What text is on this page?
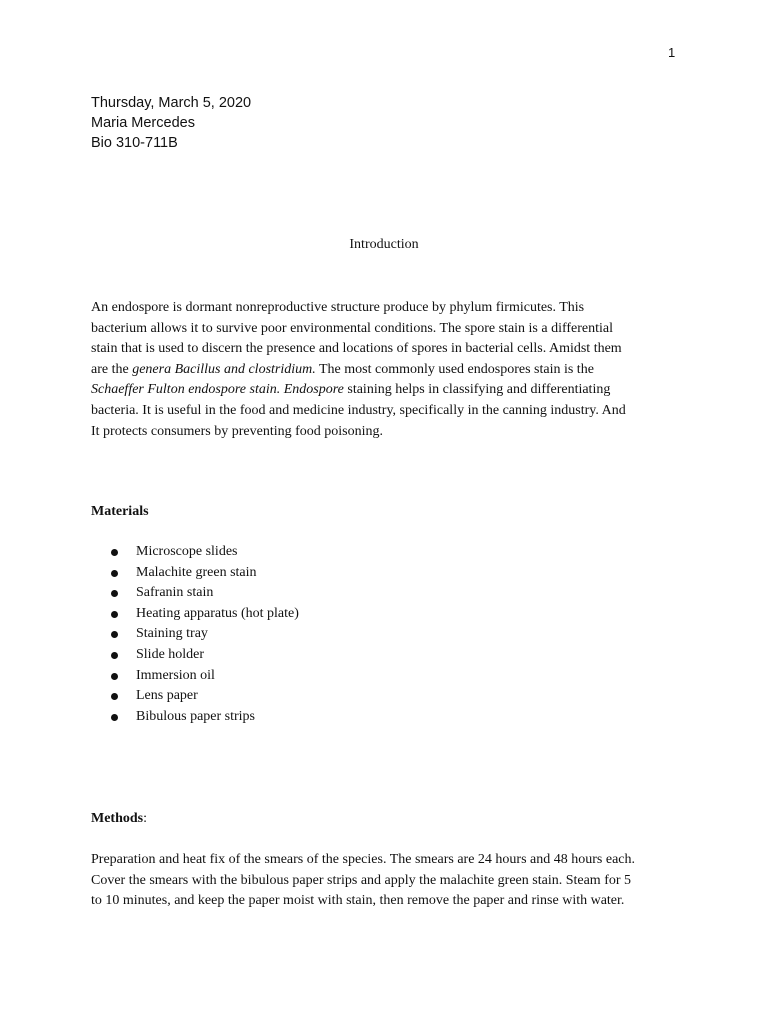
1
Thursday, March 5, 2020
Maria Mercedes
Bio 310-711B
Introduction
An endospore is dormant nonreproductive structure produce by phylum firmicutes. This
bacterium allows it to survive poor environmental conditions. The spore stain is a differential
stain that is used to discern the presence and locations of spores in bacterial cells. Amidst them
are the genera Bacillus and clostridium. The most commonly used endospores stain is the
Schaeffer Fulton endospore stain. Endospore staining helps in classifying and differentiating
bacteria. It is useful in the food and medicine industry, specifically in the canning industry. And
It protects consumers by preventing food poisoning.
Materials
Microscope slides
Malachite green stain
Safranin stain
Heating apparatus (hot plate)
Staining tray
Slide holder
Immersion oil
Lens paper
Bibulous paper strips
Methods:
Preparation and heat fix of the smears of the species. The smears are 24 hours and 48 hours each.
Cover the smears with the bibulous paper strips and apply the malachite green stain. Steam for 5
to 10 minutes, and keep the paper moist with stain, then remove the paper and rinse with water.
